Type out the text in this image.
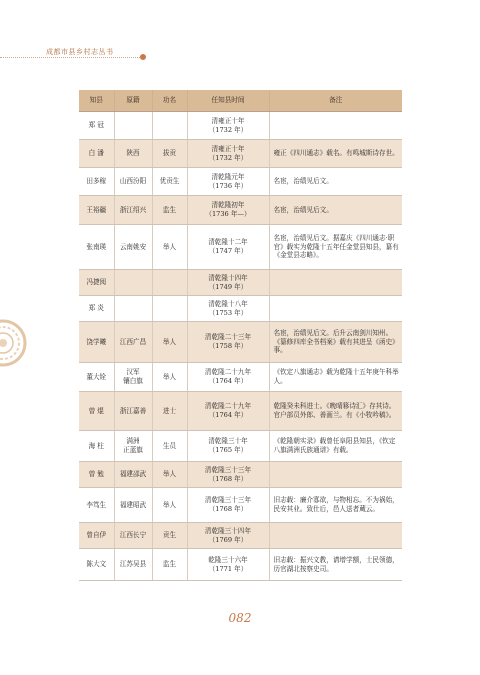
成都市县乡村志丛书
知县	原籍	功名	任知县时间	备注
郑 冠			清雍正十年
（1732 年）	

白 潘	陕西	拔贡	清雍正十年
（1732 年）	雍正《四川通志》载名。有鸣城斯诗存世。
田多稼	山西汾阳	优贡生	清乾隆元年
（1736 年）	名宦，治绩见后文。
王裕疆	浙江绍兴	监生	清乾隆初年
（1736 年—）	名宦，治绩见后文。
张南瑛	云南姚安	举人	清乾隆十二年
（1747 年）	名宦，治绩见后文。据嘉庆《四川通志·职官》载实为乾隆十五年任金堂县知县，纂有《金堂县志略》。
冯捷阅			清乾隆十四年
（1749 年）	

郑 炎			清乾隆十八年
（1753 年）	

饶学曦	江西广昌	举人	清乾隆二十三年
（1758 年）	名宦，治绩见后文。后升云南剑川知州。《纂修四库全书档案》载有其进呈《函史》事。
董大铨	汉军
镶白旗	举人	清乾隆二十九年
（1764 年）	《钦定八旗通志》载为乾隆十五年庚午科举人。
曾 焜	浙江嘉善	进士	清乾隆二十九年
（1764 年）	乾隆癸未科进士。《晚晴簃诗汇》存其诗。官户部员外郎、善画兰。有《小牧吟稿》。
海 柱	满洲
正蓝旗	生员	清乾隆三十年
（1765 年）	《乾隆朝实录》载曾任阜阳县知县，《钦定八旗满洲氏族通谱》有载。
曾 勉	福建邵武	举人	清乾隆三十三年
（1768 年）	

李笃生	福建昭武	举人	清乾隆三十三年
（1768 年）	旧志载：廉介寡欲，与物相忘。不为祸始，民安其业。致仕后，邑人送者蔵云。
曾自伊	江西长宁	贡生	清乾隆三十四年
（1769 年）	

陈大文	江苏吴县	监生	乾隆三十六年
（1771 年）	旧志载：振兴文教，请增学额，士民领德，历官湖北按察史司。
082
